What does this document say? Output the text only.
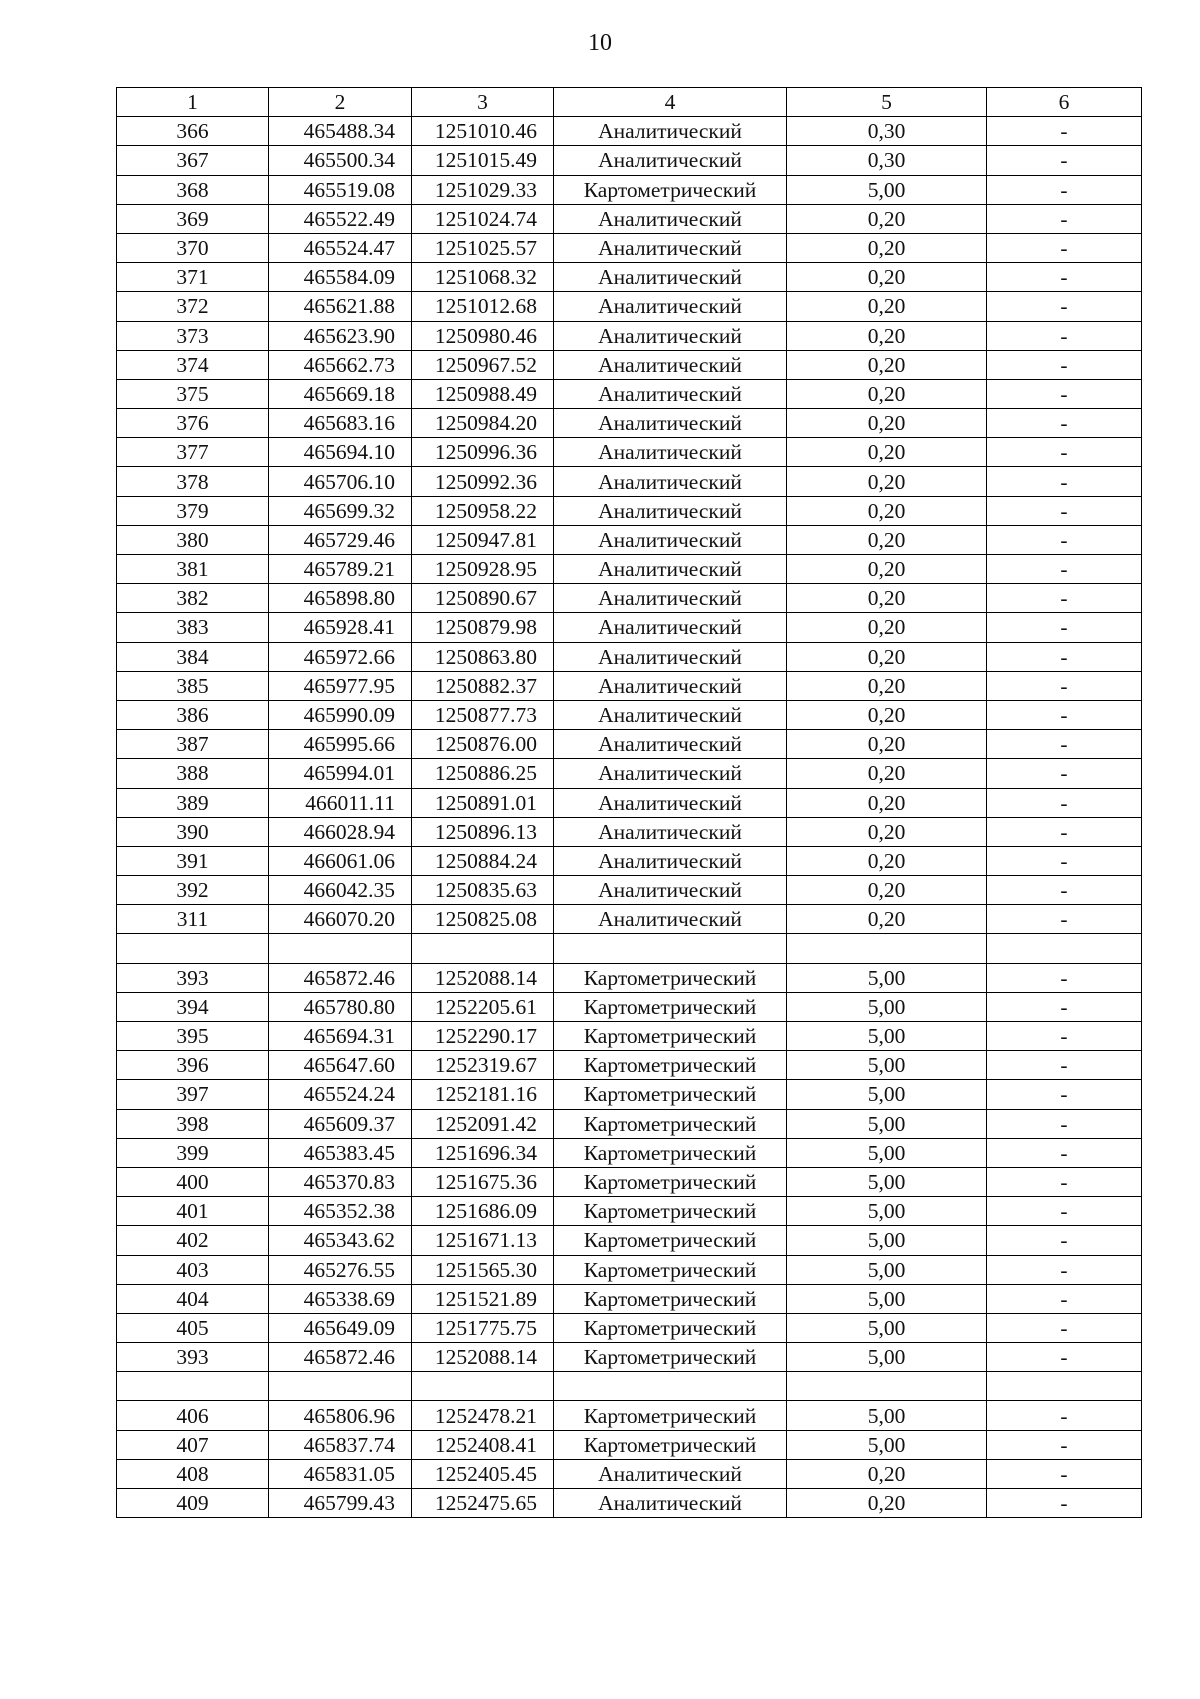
10
1	2	3	4	5	6
366	465488.34	1251010.46	Аналитический	0,30	-
367	465500.34	1251015.49	Аналитический	0,30	-
368	465519.08	1251029.33	Картометрический	5,00	-
369	465522.49	1251024.74	Аналитический	0,20	-
370	465524.47	1251025.57	Аналитический	0,20	-
371	465584.09	1251068.32	Аналитический	0,20	-
372	465621.88	1251012.68	Аналитический	0,20	-
373	465623.90	1250980.46	Аналитический	0,20	-
374	465662.73	1250967.52	Аналитический	0,20	-
375	465669.18	1250988.49	Аналитический	0,20	-
376	465683.16	1250984.20	Аналитический	0,20	-
377	465694.10	1250996.36	Аналитический	0,20	-
378	465706.10	1250992.36	Аналитический	0,20	-
379	465699.32	1250958.22	Аналитический	0,20	-
380	465729.46	1250947.81	Аналитический	0,20	-
381	465789.21	1250928.95	Аналитический	0,20	-
382	465898.80	1250890.67	Аналитический	0,20	-
383	465928.41	1250879.98	Аналитический	0,20	-
384	465972.66	1250863.80	Аналитический	0,20	-
385	465977.95	1250882.37	Аналитический	0,20	-
386	465990.09	1250877.73	Аналитический	0,20	-
387	465995.66	1250876.00	Аналитический	0,20	-
388	465994.01	1250886.25	Аналитический	0,20	-
389	466011.11	1250891.01	Аналитический	0,20	-
390	466028.94	1250896.13	Аналитический	0,20	-
391	466061.06	1250884.24	Аналитический	0,20	-
392	466042.35	1250835.63	Аналитический	0,20	-
311	466070.20	1250825.08	Аналитический	0,20	-

393	465872.46	1252088.14	Картометрический	5,00	-
394	465780.80	1252205.61	Картометрический	5,00	-
395	465694.31	1252290.17	Картометрический	5,00	-
396	465647.60	1252319.67	Картометрический	5,00	-
397	465524.24	1252181.16	Картометрический	5,00	-
398	465609.37	1252091.42	Картометрический	5,00	-
399	465383.45	1251696.34	Картометрический	5,00	-
400	465370.83	1251675.36	Картометрический	5,00	-
401	465352.38	1251686.09	Картометрический	5,00	-
402	465343.62	1251671.13	Картометрический	5,00	-
403	465276.55	1251565.30	Картометрический	5,00	-
404	465338.69	1251521.89	Картометрический	5,00	-
405	465649.09	1251775.75	Картометрический	5,00	-
393	465872.46	1252088.14	Картометрический	5,00	-

406	465806.96	1252478.21	Картометрический	5,00	-
407	465837.74	1252408.41	Картометрический	5,00	-
408	465831.05	1252405.45	Аналитический	0,20	-
409	465799.43	1252475.65	Аналитический	0,20	-
